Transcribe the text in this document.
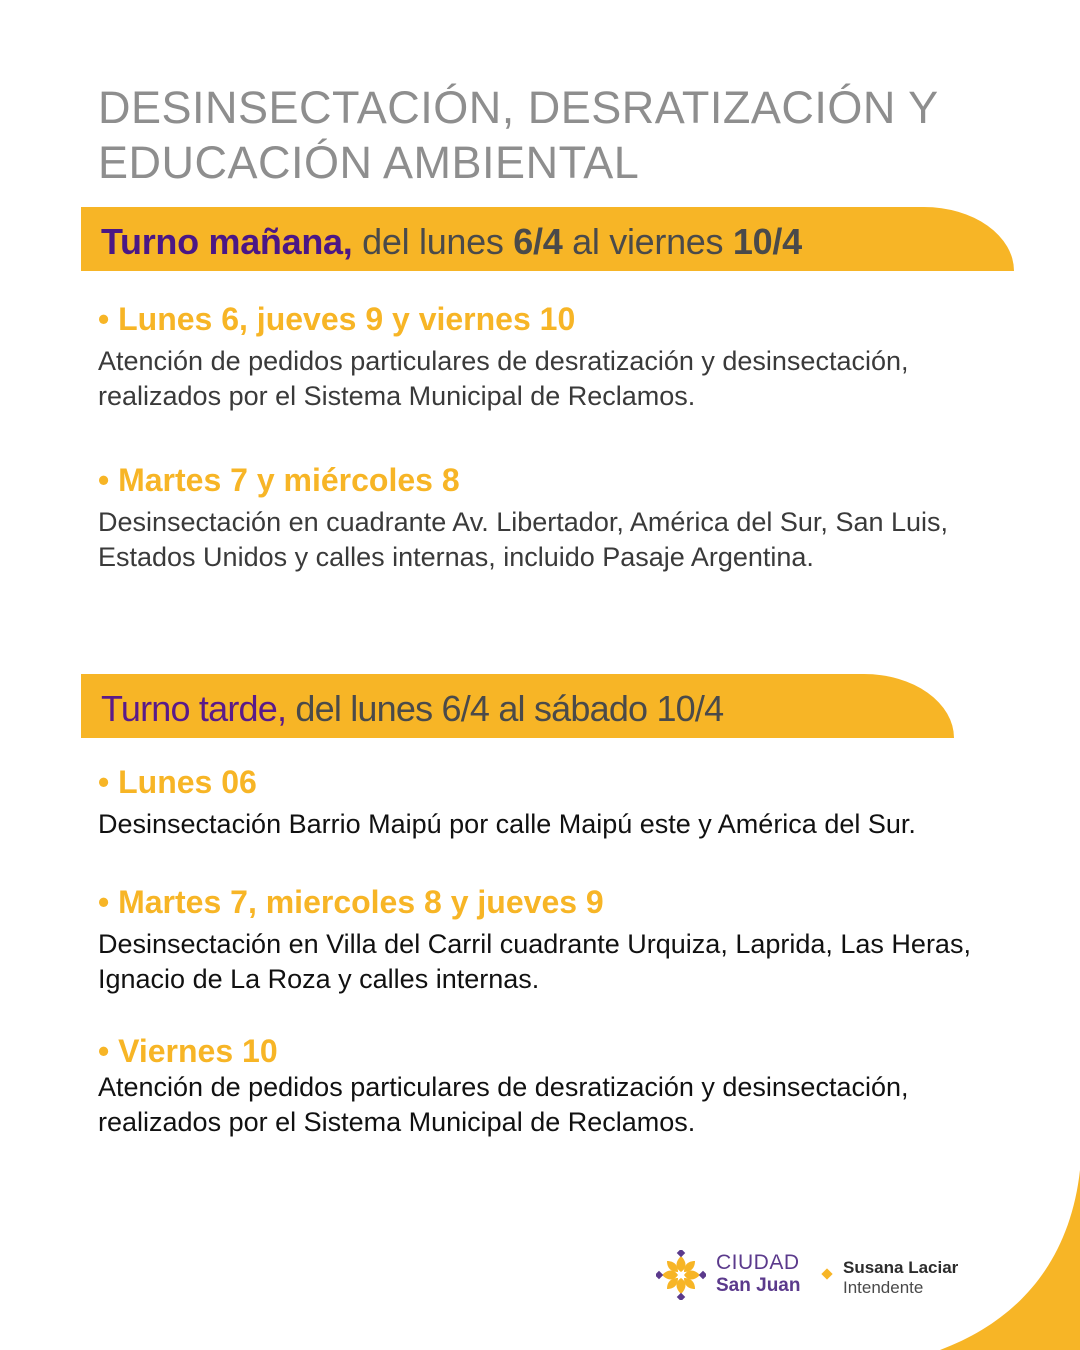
DESINSECTACIÓN, DESRATIZACIÓN Y EDUCACIÓN AMBIENTAL
Turno mañana, del lunes 6/4 al viernes 10/4

• Lunes 6, jueves 9 y viernes 10

Atención de pedidos particulares de desratización y desinsectación, realizados por el Sistema Municipal de Reclamos.

• Martes 7 y miércoles 8

Desinsectación en cuadrante Av. Libertador, América del Sur, San Luis, Estados Unidos y calles internas, incluido Pasaje Argentina.

Turno tarde, del lunes 6/4 al sábado 10/4

• Lunes 06

Desinsectación Barrio Maipú por calle Maipú este y América del Sur.

• Martes 7, miercoles 8 y jueves 9

Desinsectación en Villa del Carril cuadrante Urquiza, Laprida, Las Heras, Ignacio de La Roza y calles internas.

• Viernes 10

Atención de pedidos particulares de desratización y desinsectación, realizados por el Sistema Municipal de Reclamos.

CIUDAD
San Juan
Susana Laciar
Intendente
